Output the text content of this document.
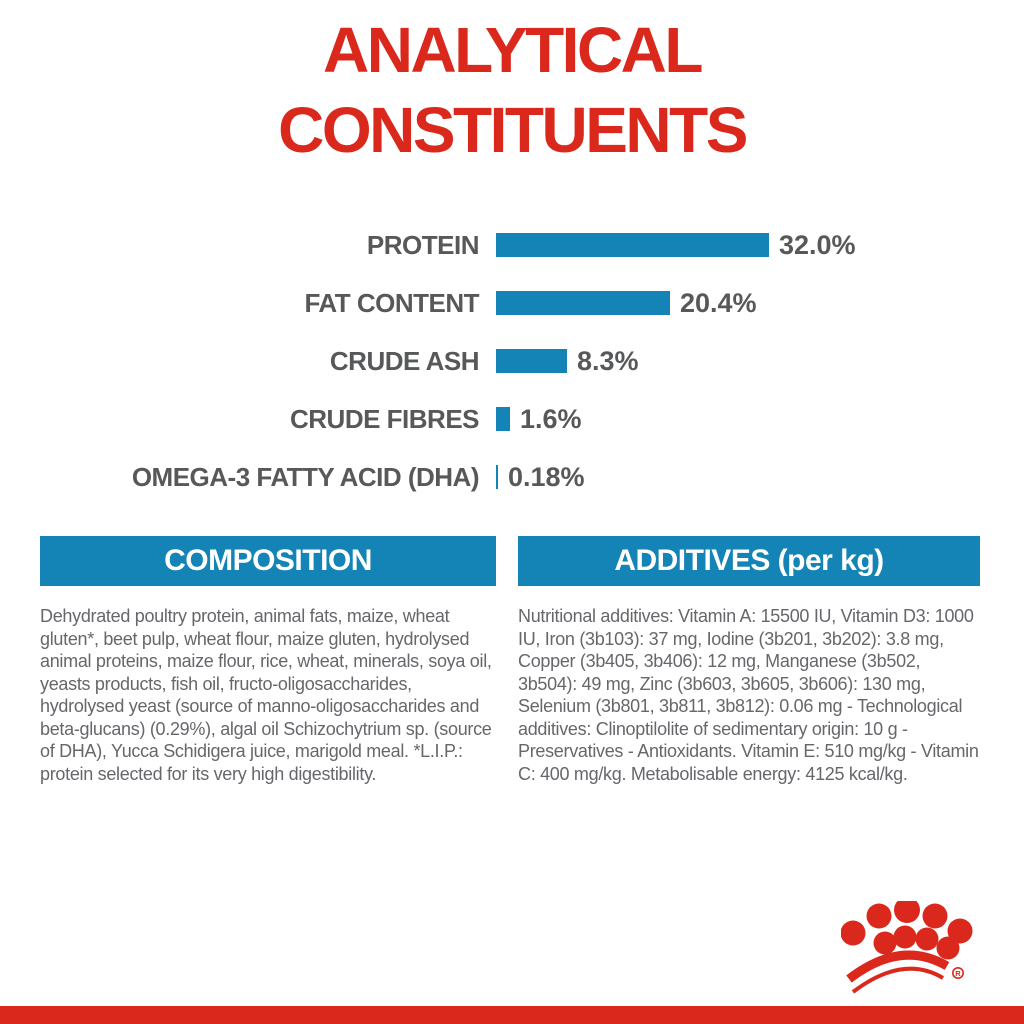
ANALYTICAL
CONSTITUENTS
PROTEIN	32.0%
FAT CONTENT	20.4%
CRUDE ASH	8.3%
CRUDE FIBRES	1.6%
OMEGA-3 FATTY ACID (DHA)	0.18%
COMPOSITION
Dehydrated poultry protein, animal fats, maize, wheat gluten*, beet pulp, wheat flour, maize gluten, hydrolysed animal proteins, maize flour, rice, wheat, minerals, soya oil, yeasts products, fish oil, fructo-oligosaccharides, hydrolysed yeast (source of manno-oligosaccharides and beta-glucans) (0.29%), algal oil Schizochytrium sp. (source of DHA), Yucca Schidigera juice, marigold meal. *L.I.P.: protein selected for its very high digestibility.
ADDITIVES (per kg)
Nutritional additives: Vitamin A: 15500 IU, Vitamin D3: 1000 IU, Iron (3b103): 37 mg, Iodine (3b201, 3b202): 3.8 mg, Copper (3b405, 3b406): 12 mg, Manganese (3b502, 3b504): 49 mg, Zinc (3b603, 3b605, 3b606): 130 mg, Selenium (3b801, 3b811, 3b812): 0.06 mg - Technological additives: Clinoptilolite of sedimentary origin: 10 g - Preservatives - Antioxidants. Vitamin E: 510 mg/kg - Vitamin C: 400 mg/kg. Metabolisable energy: 4125 kcal/kg.
R
